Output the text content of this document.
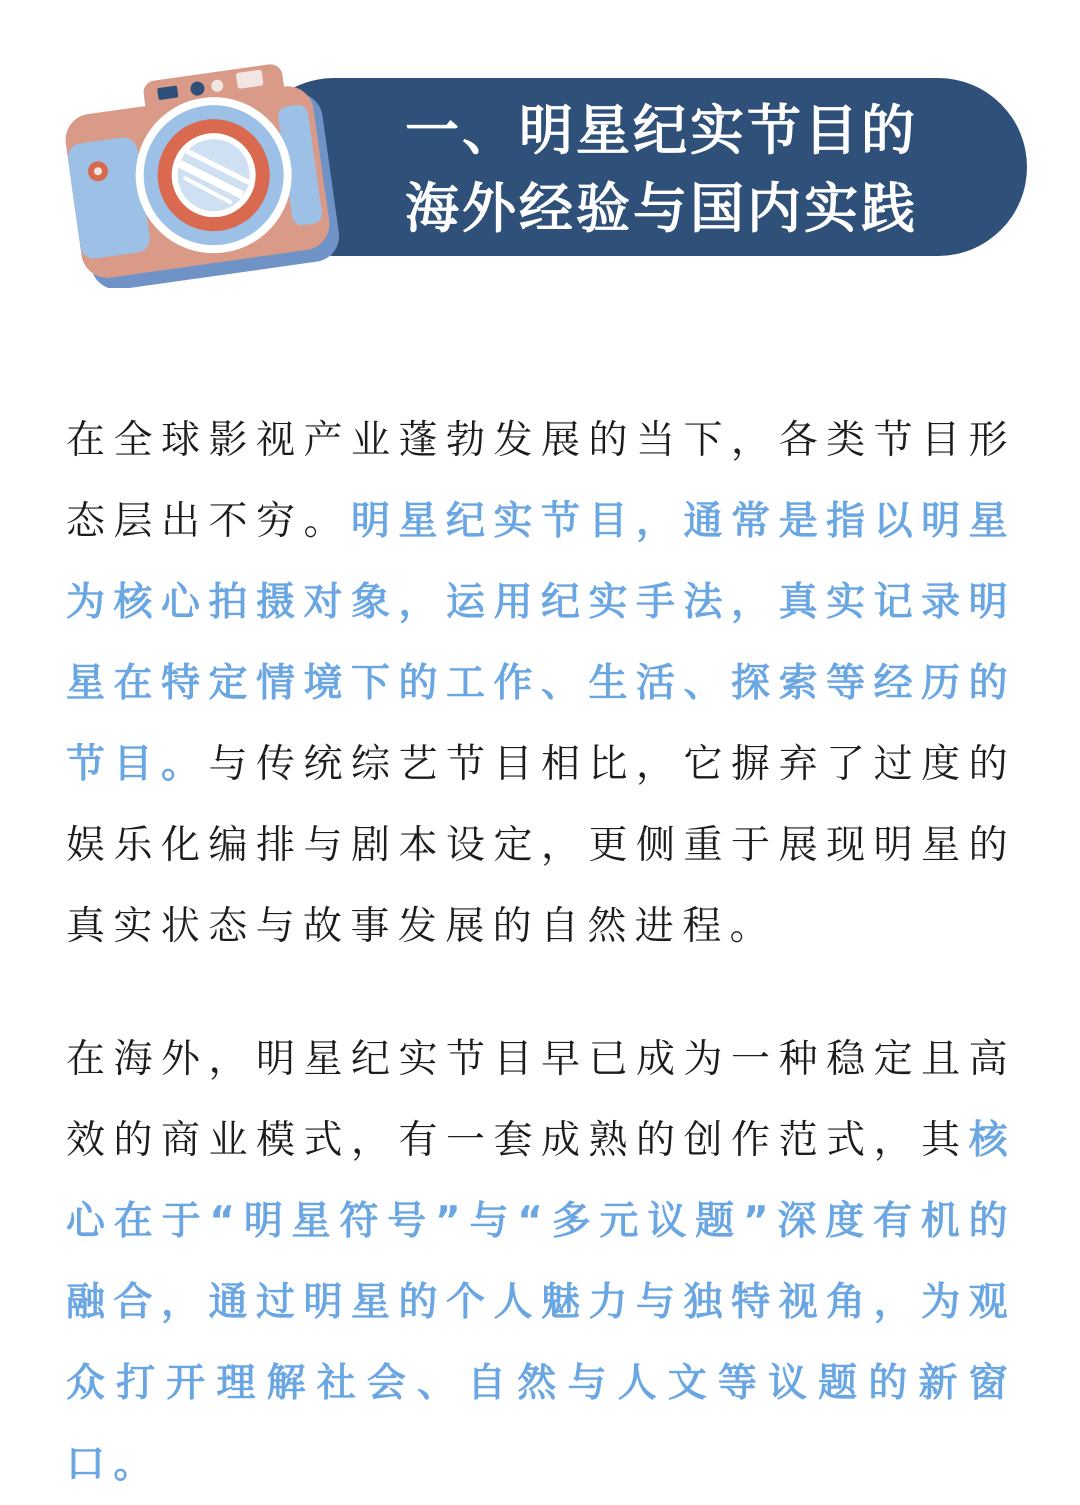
一、明星纪实节目的
海外经验与国内实践

在全球影视产业蓬勃发展的当下，各类节目形态层出不穷。明星纪实节目，通常是指以明星为核心拍摄对象，运用纪实手法，真实记录明星在特定情境下的工作、生活、探索等经历的节目。与传统综艺节目相比，它摒弃了过度的娱乐化编排与剧本设定，更侧重于展现明星的真实状态与故事发展的自然进程。

在海外，明星纪实节目早已成为一种稳定且高效的商业模式，有一套成熟的创作范式，其核心在于“明星符号”与“多元议题”深度有机的融合，通过明星的个人魅力与独特视角，为观众打开理解社会、自然与人文等议题的新窗口。
